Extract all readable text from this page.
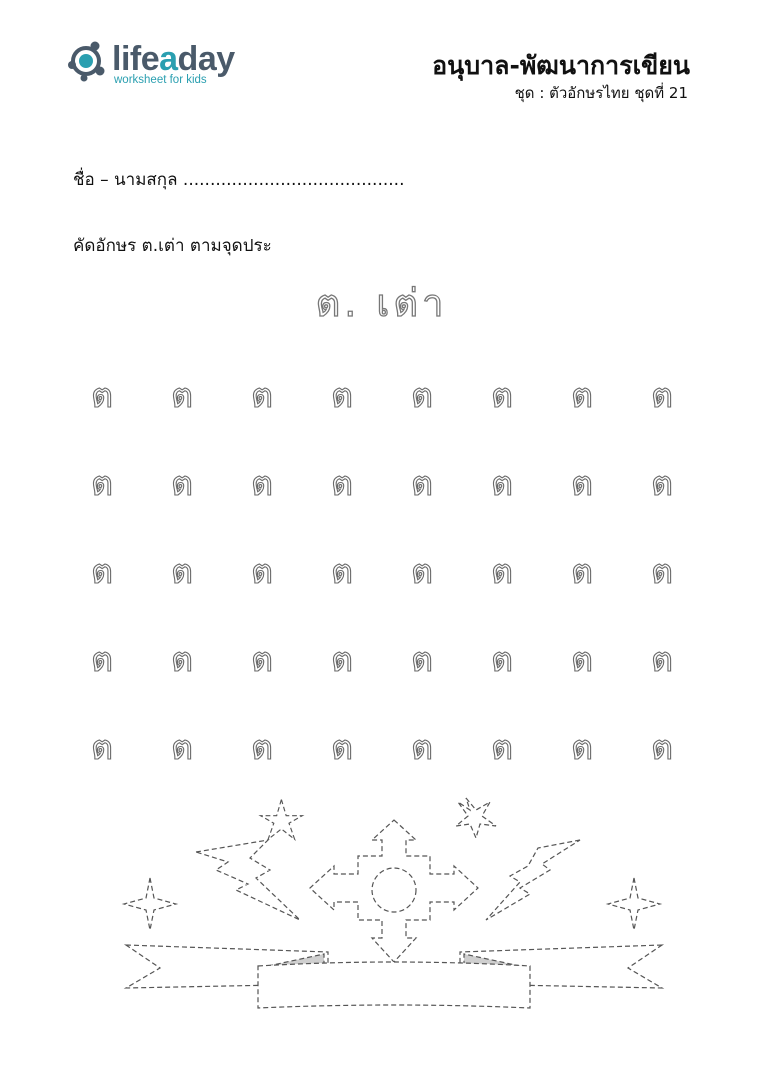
lifeaday
worksheet for kids	อนุบาล-พัฒนาการเขียน
ชุด : ตัวอักษรไทย ชุดที่ 21
ชื่อ – นามสกุล .........................................
คัดอักษร ต.เต่า ตามจุดประ
ต. เต่า
ต	ต	ต	ต	ต	ต	ต	ต
ต	ต	ต	ต	ต	ต	ต	ต
ต	ต	ต	ต	ต	ต	ต	ต
ต	ต	ต	ต	ต	ต	ต	ต
ต	ต	ต	ต	ต	ต	ต	ต
